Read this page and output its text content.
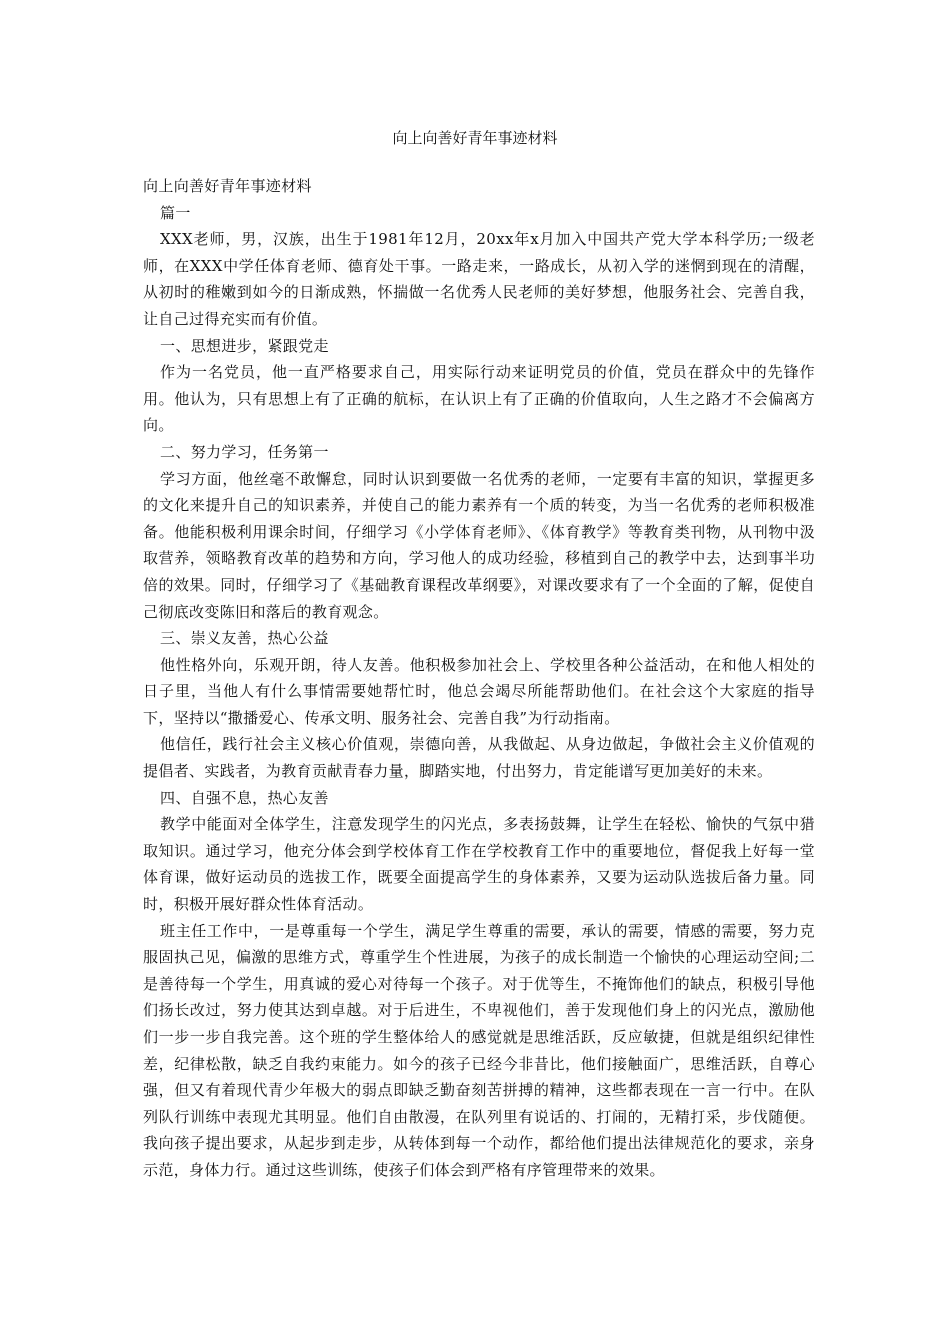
向上向善好青年事迹材料

向上向善好青年事迹材料

篇一

XXX老师，男，汉族，出生于1981年12月，20xx年x月加入中国共产党大学本科学历;一级老师，在XXX中学任体育老师、德育处干事。一路走来，一路成长，从初入学的迷惘到现在的清醒，从初时的稚嫩到如今的日渐成熟，怀揣做一名优秀人民老师的美好梦想，他服务社会、完善自我，让自己过得充实而有价值。

一、思想进步，紧跟党走

作为一名党员，他一直严格要求自己，用实际行动来证明党员的价值，党员在群众中的先锋作用。他认为，只有思想上有了正确的航标，在认识上有了正确的价值取向，人生之路才不会偏离方向。

二、努力学习，任务第一

学习方面，他丝毫不敢懈怠，同时认识到要做一名优秀的老师，一定要有丰富的知识，掌握更多的文化来提升自己的知识素养，并使自己的能力素养有一个质的转变，为当一名优秀的老师积极准备。他能积极利用课余时间，仔细学习《小学体育老师》、《体育教学》等教育类刊物，从刊物中汲取营养，领略教育改革的趋势和方向，学习他人的成功经验，移植到自己的教学中去，达到事半功倍的效果。同时，仔细学习了《基础教育课程改革纲要》，对课改要求有了一个全面的了解，促使自己彻底改变陈旧和落后的教育观念。

三、崇义友善，热心公益

他性格外向，乐观开朗，待人友善。他积极参加社会上、学校里各种公益活动，在和他人相处的日子里，当他人有什么事情需要她帮忙时，他总会竭尽所能帮助他们。在社会这个大家庭的指导下，坚持以“撒播爱心、传承文明、服务社会、完善自我”为行动指南。

他信任，践行社会主义核心价值观，崇德向善，从我做起、从身边做起，争做社会主义价值观的提倡者、实践者，为教育贡献青春力量，脚踏实地，付出努力，肯定能谱写更加美好的未来。

四、自强不息，热心友善

教学中能面对全体学生，注意发现学生的闪光点，多表扬鼓舞，让学生在轻松、愉快的气氛中猎取知识。通过学习，他充分体会到学校体育工作在学校教育工作中的重要地位，督促我上好每一堂体育课，做好运动员的选拔工作，既要全面提高学生的身体素养，又要为运动队选拔后备力量。同时，积极开展好群众性体育活动。

班主任工作中，一是尊重每一个学生，满足学生尊重的需要，承认的需要，情感的需要，努力克服固执己见，偏激的思维方式，尊重学生个性进展，为孩子的成长制造一个愉快的心理运动空间;二是善待每一个学生，用真诚的爱心对待每一个孩子。对于优等生，不掩饰他们的缺点，积极引导他们扬长改过，努力使其达到卓越。对于后进生，不卑视他们，善于发现他们身上的闪光点，激励他们一步一步自我完善。这个班的学生整体给人的感觉就是思维活跃，反应敏捷，但就是组织纪律性差，纪律松散，缺乏自我约束能力。如今的孩子已经今非昔比，他们接触面广，思维活跃，自尊心强，但又有着现代青少年极大的弱点即缺乏勤奋刻苦拼搏的精神，这些都表现在一言一行中。在队列队行训练中表现尤其明显。他们自由散漫，在队列里有说话的、打闹的，无精打采，步伐随便。我向孩子提出要求，从起步到走步，从转体到每一个动作，都给他们提出法律规范化的要求，亲身示范，身体力行。通过这些训练，使孩子们体会到严格有序管理带来的效果。
